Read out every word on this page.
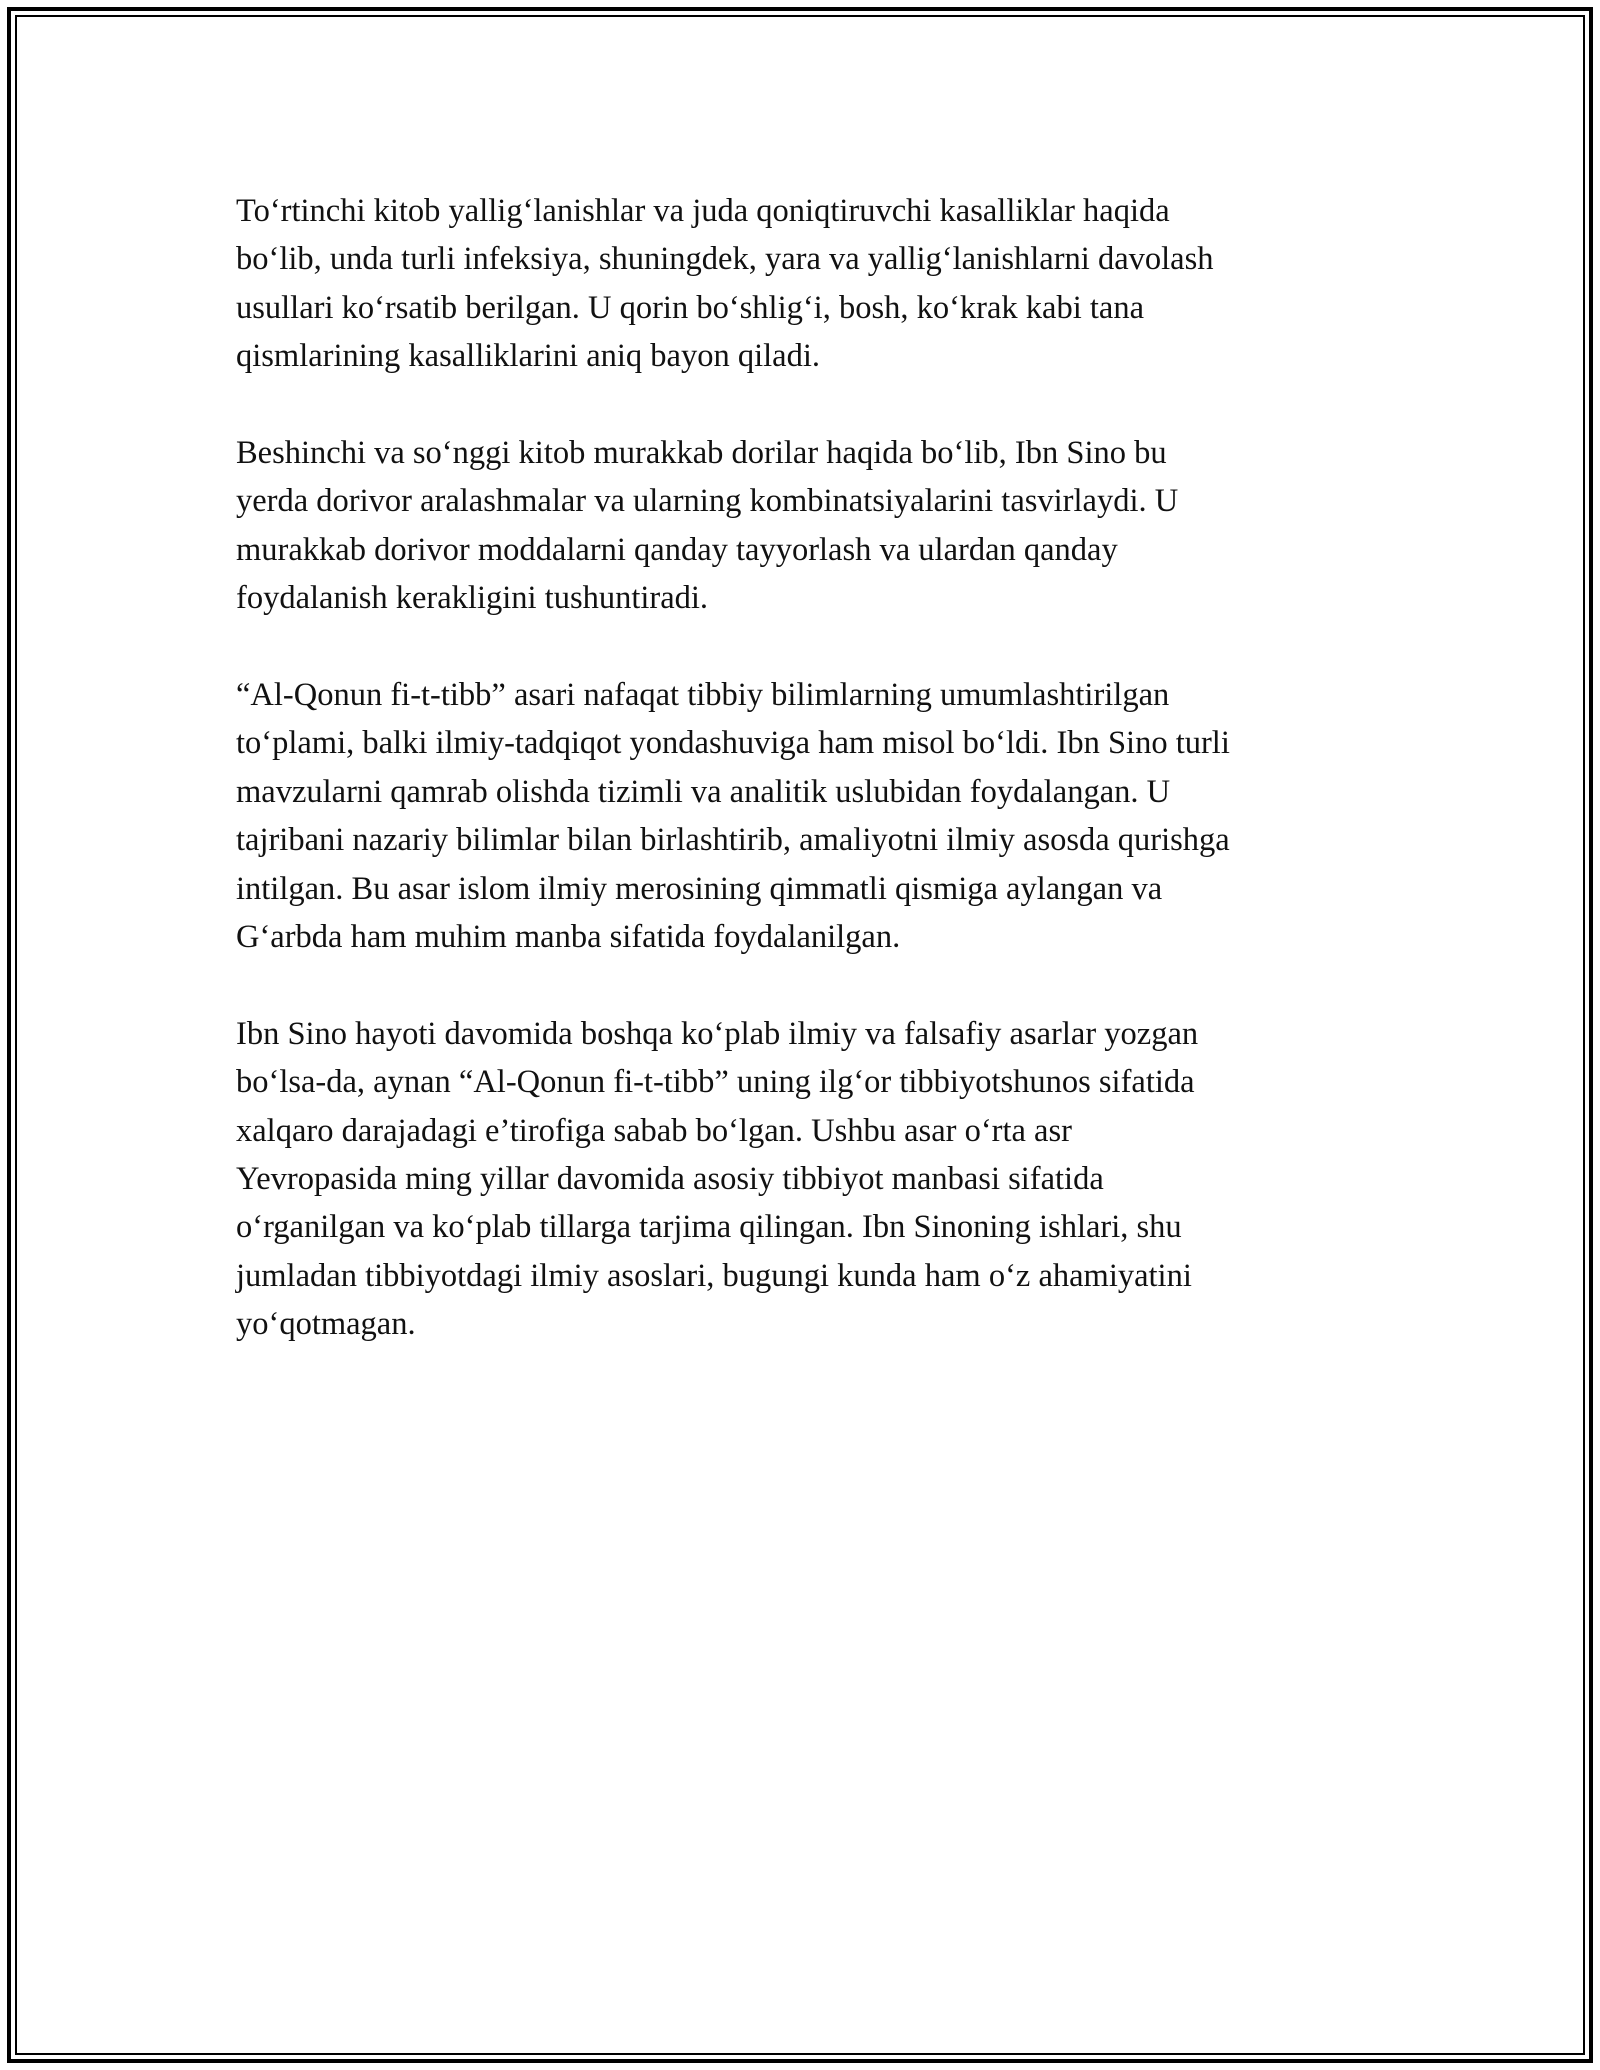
To‘rtinchi kitob yallig‘lanishlar va juda qoniqtiruvchi kasalliklar haqida
bo‘lib, unda turli infeksiya, shuningdek, yara va yallig‘lanishlarni davolash
usullari ko‘rsatib berilgan. U qorin bo‘shlig‘i, bosh, ko‘krak kabi tana
qismlarining kasalliklarini aniq bayon qiladi.

Beshinchi va so‘nggi kitob murakkab dorilar haqida bo‘lib, Ibn Sino bu
yerda dorivor aralashmalar va ularning kombinatsiyalarini tasvirlaydi. U
murakkab dorivor moddalarni qanday tayyorlash va ulardan qanday
foydalanish kerakligini tushuntiradi.

“Al-Qonun fi-t-tibb” asari nafaqat tibbiy bilimlarning umumlashtirilgan
to‘plami, balki ilmiy-tadqiqot yondashuviga ham misol bo‘ldi. Ibn Sino turli
mavzularni qamrab olishda tizimli va analitik uslubidan foydalangan. U
tajribani nazariy bilimlar bilan birlashtirib, amaliyotni ilmiy asosda qurishga
intilgan. Bu asar islom ilmiy merosining qimmatli qismiga aylangan va
G‘arbda ham muhim manba sifatida foydalanilgan.

Ibn Sino hayoti davomida boshqa ko‘plab ilmiy va falsafiy asarlar yozgan
bo‘lsa-da, aynan “Al-Qonun fi-t-tibb” uning ilg‘or tibbiyotshunos sifatida
xalqaro darajadagi e’tirofiga sabab bo‘lgan. Ushbu asar o‘rta asr
Yevropasida ming yillar davomida asosiy tibbiyot manbasi sifatida
o‘rganilgan va ko‘plab tillarga tarjima qilingan. Ibn Sinoning ishlari, shu
jumladan tibbiyotdagi ilmiy asoslari, bugungi kunda ham o‘z ahamiyatini
yo‘qotmagan.
